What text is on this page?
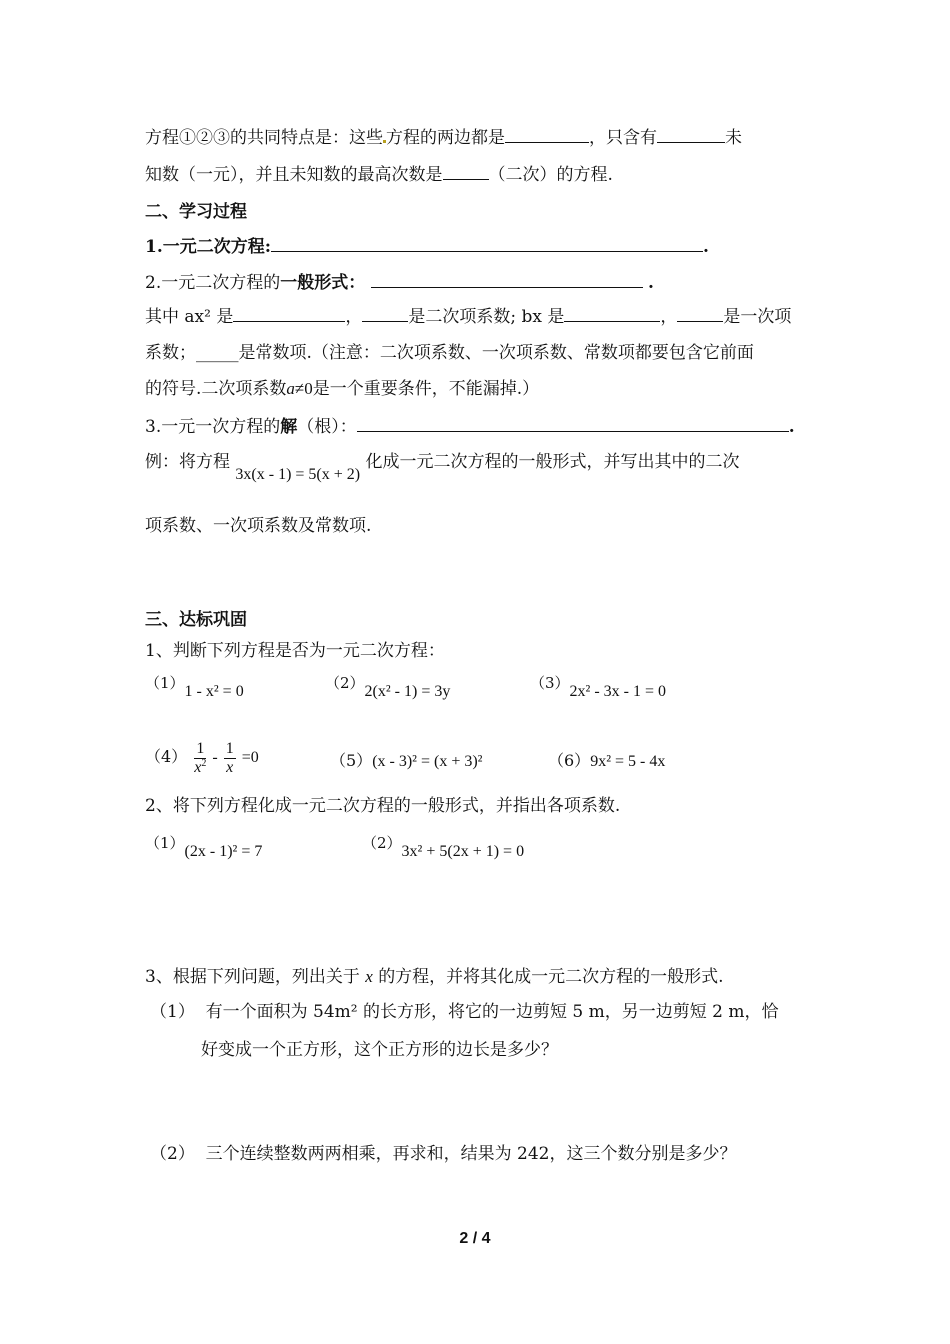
方程①②③的共同特点是：这些 方程的两边都是	，只含有	未
知数（一元），并且未知数的最高次数是	（二次）的方程.
二、学习过程
1.一元二次方程:	.
2.一元二次方程的一般形式：	.
其中 ax² 是	，	是二次项系数; bx 是	，	是一次项
系数；_____是常数项.（注意：二次项系数、一次项系数、常数项都要包含它前面
的符号.二次项系数a≠0是一个重要条件，不能漏掉.）
3.一元一次方程的解（根）：	.
例：将方程 3x(x - 1) = 5(x + 2) 化成一元二次方程的一般形式，并写出其中的二次
项系数、一次项系数及常数项.
三、达标巩固
1、判断下列方程是否为一元二次方程：
（1）1 - x² = 0	（2）2(x² - 1) = 3y	（3）2x² - 3x - 1 = 0
$(4) \frac{1}{x^2} - \frac{1}{x} =0$	（5）(x - 3)² = (x + 3)²	（6）9x² = 5 - 4x
2、将下列方程化成一元二次方程的一般形式，并指出各项系数.
（1）(2x - 1)² = 7	（2）3x² + 5(2x + 1) = 0
3、根据下列问题，列出关于 x 的方程，并将其化成一元二次方程的一般形式.
（1） 有一个面积为 54m² 的长方形，将它的一边剪短 5 m，另一边剪短 2 m，恰
好变成一个正方形，这个正方形的边长是多少？
（2） 三个连续整数两两相乘，再求和，结果为 242，这三个数分别是多少？
2 / 4
